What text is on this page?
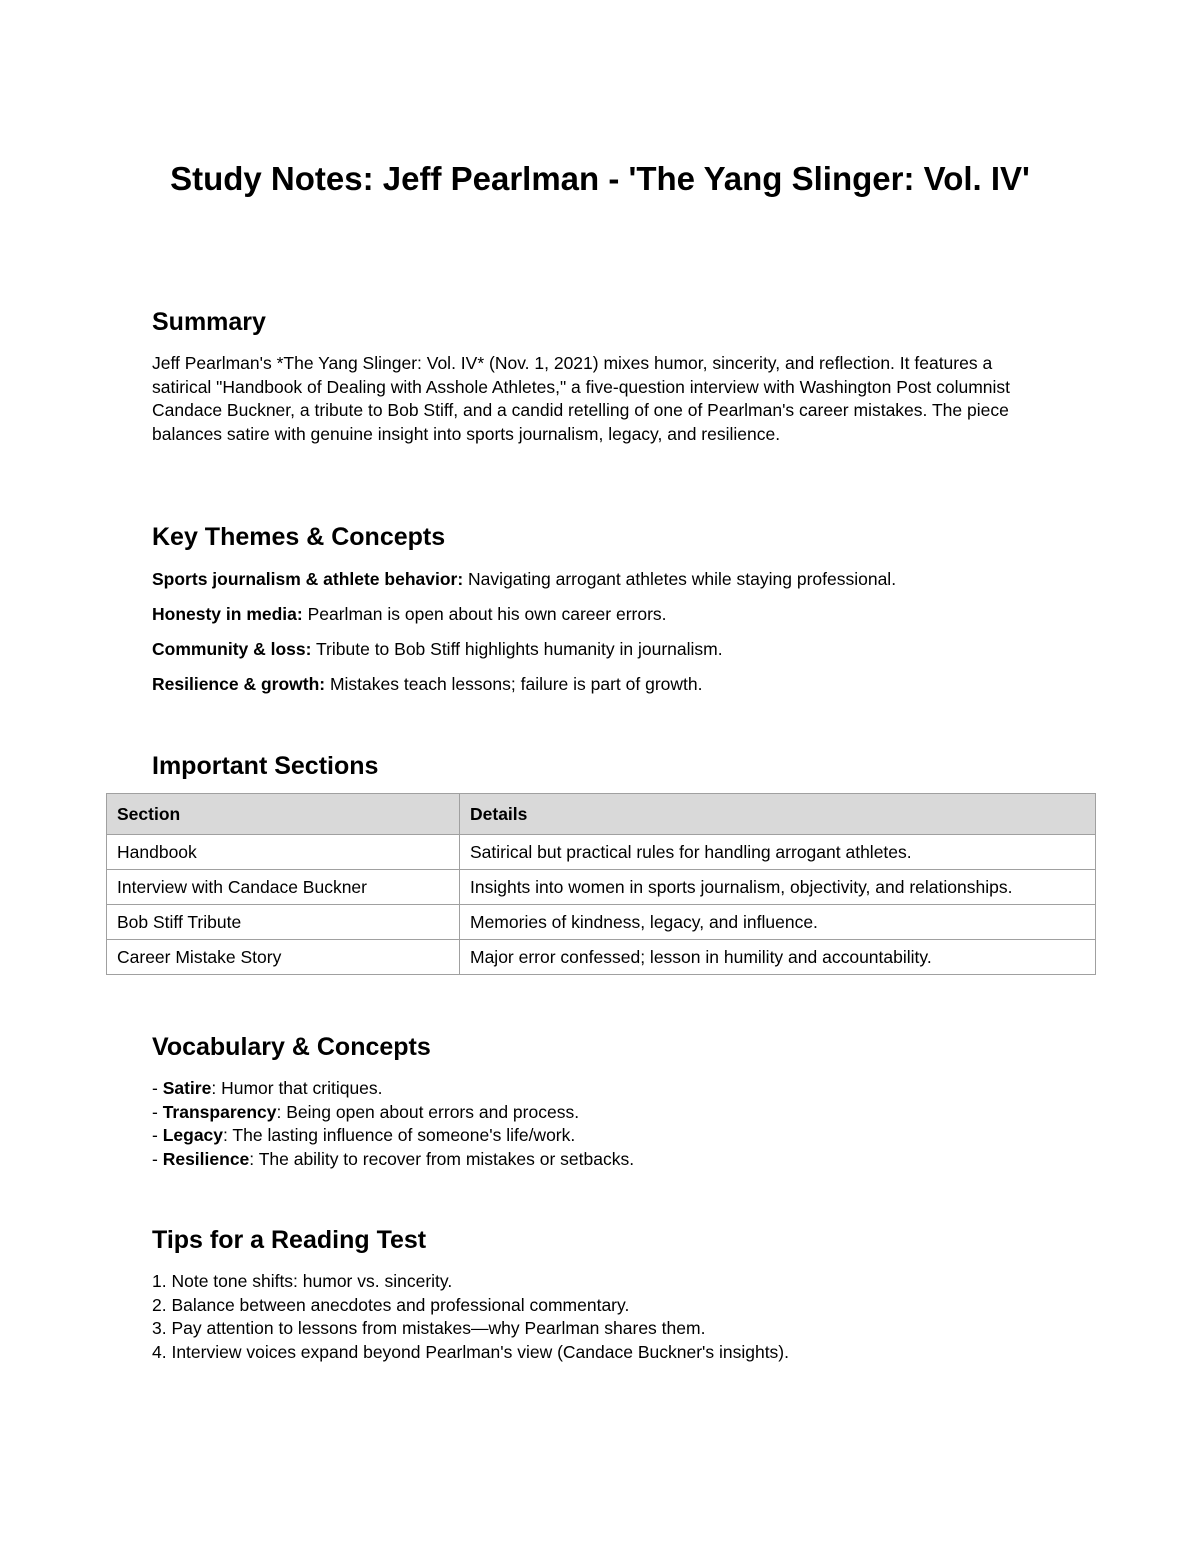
Study Notes: Jeff Pearlman - 'The Yang Slinger: Vol. IV'
Summary

Jeff Pearlman's *The Yang Slinger: Vol. IV* (Nov. 1, 2021) mixes humor, sincerity, and reflection. It features a satirical "Handbook of Dealing with Asshole Athletes," a five-question interview with Washington Post columnist Candace Buckner, a tribute to Bob Stiff, and a candid retelling of one of Pearlman's career mistakes. The piece balances satire with genuine insight into sports journalism, legacy, and resilience.

Key Themes & Concepts

Sports journalism & athlete behavior: Navigating arrogant athletes while staying professional.

Honesty in media: Pearlman is open about his own career errors.

Community & loss: Tribute to Bob Stiff highlights humanity in journalism.

Resilience & growth: Mistakes teach lessons; failure is part of growth.

Important Sections
Section	Details
Handbook	Satirical but practical rules for handling arrogant athletes.
Interview with Candace Buckner	Insights into women in sports journalism, objectivity, and relationships.
Bob Stiff Tribute	Memories of kindness, legacy, and influence.
Career Mistake Story	Major error confessed; lesson in humility and accountability.
Vocabulary & Concepts
- Satire: Humor that critiques.
- Transparency: Being open about errors and process.
- Legacy: The lasting influence of someone's life/work.
- Resilience: The ability to recover from mistakes or setbacks.
Tips for a Reading Test
1. Note tone shifts: humor vs. sincerity.
2. Balance between anecdotes and professional commentary.
3. Pay attention to lessons from mistakes—why Pearlman shares them.
4. Interview voices expand beyond Pearlman's view (Candace Buckner's insights).
